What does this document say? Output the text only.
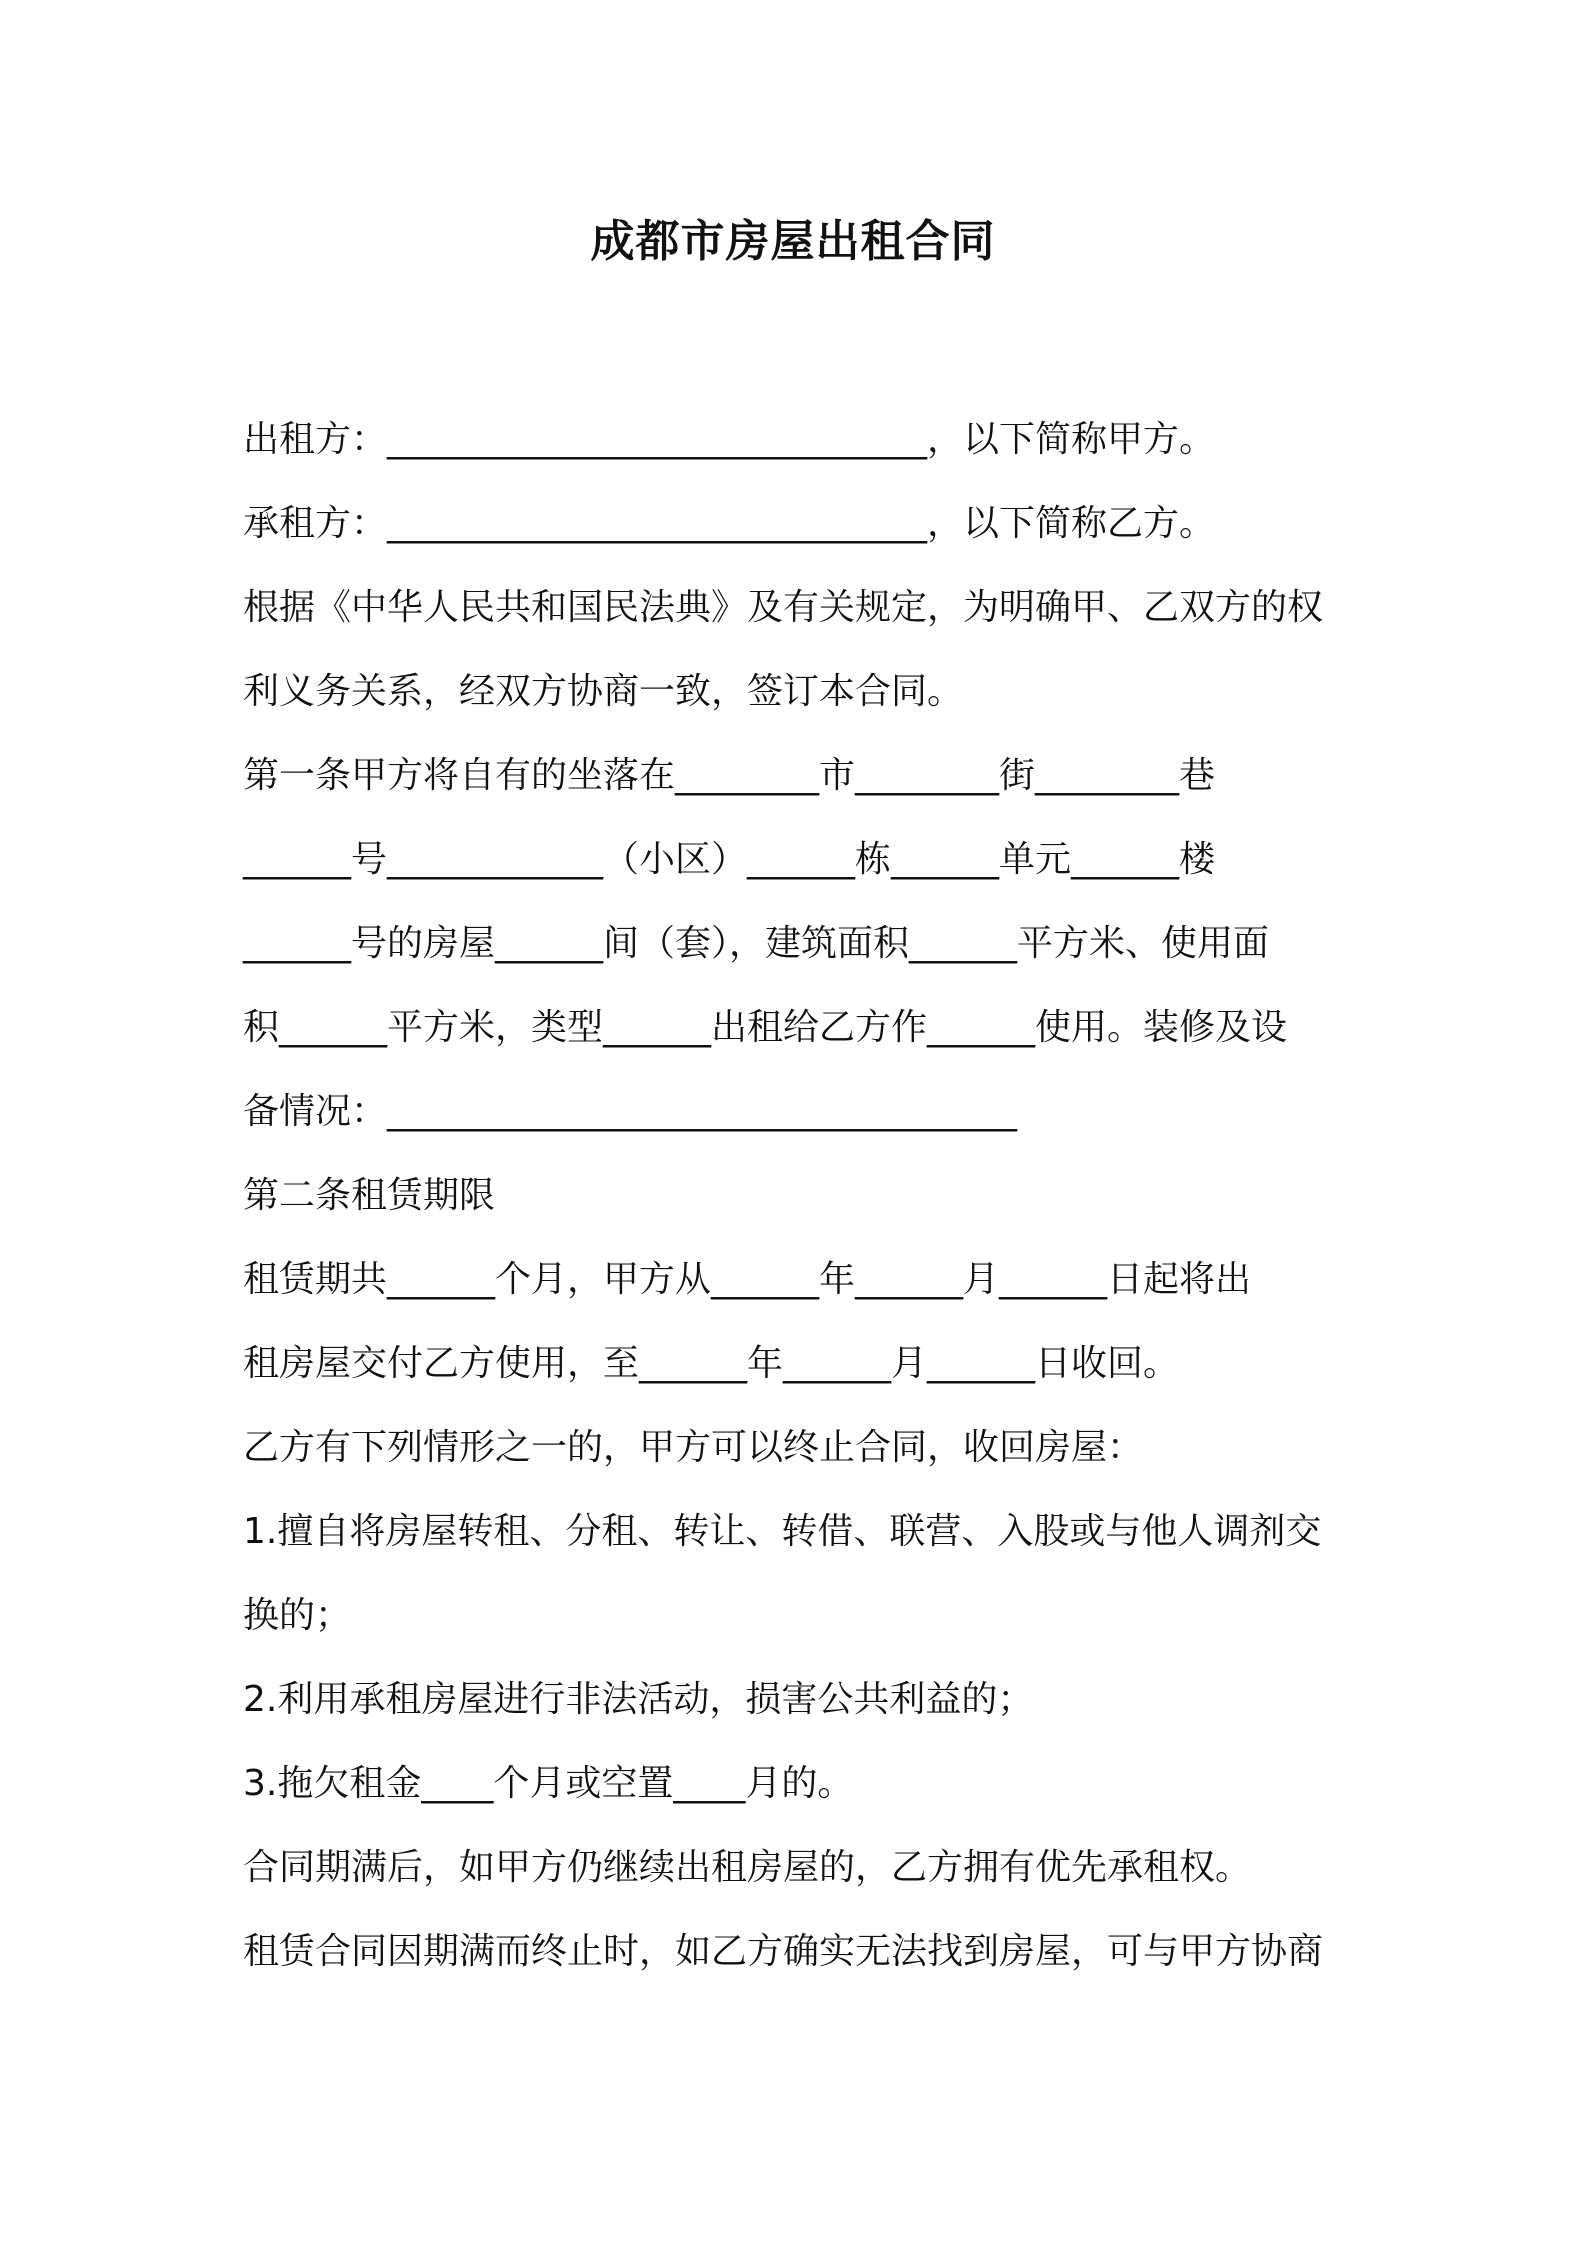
成都市房屋出租合同
出租方：______________________________，以下简称甲方。
承租方：______________________________，以下简称乙方。
根据《中华人民共和国民法典》及有关规定，为明确甲、乙双方的权
利义务关系，经双方协商一致，签订本合同。
第一条甲方将自有的坐落在________市________街________巷
______号____________（小区）______栋______单元______楼
______号的房屋______间（套），建筑面积______平方米、使用面
积______平方米，类型______出租给乙方作______使用。装修及设
备情况：___________________________________
第二条租赁期限
租赁期共______个月，甲方从______年______月______日起将出
租房屋交付乙方使用，至______年______月______日收回。
乙方有下列情形之一的，甲方可以终止合同，收回房屋：
1.擅自将房屋转租、分租、转让、转借、联营、入股或与他人调剂交
换的；
2.利用承租房屋进行非法活动，损害公共利益的；
3.拖欠租金____个月或空置____月的。
合同期满后，如甲方仍继续出租房屋的，乙方拥有优先承租权。
租赁合同因期满而终止时，如乙方确实无法找到房屋，可与甲方协商
